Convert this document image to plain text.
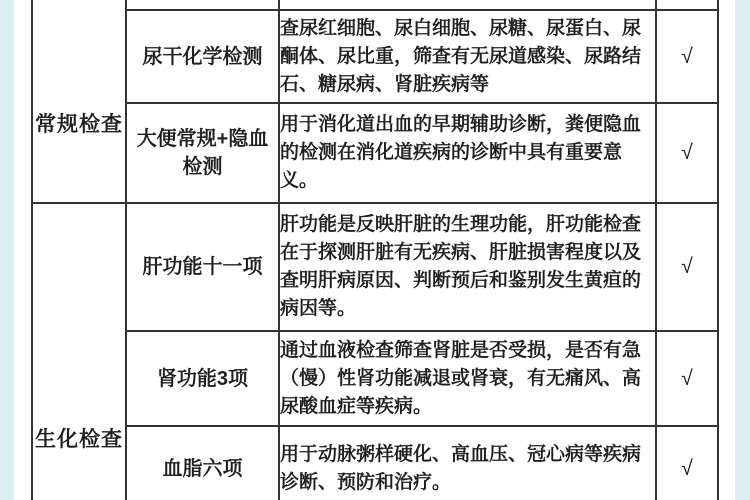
常规检查			

	尿干化学检测	查尿红细胞、尿白细胞、尿糖、尿蛋白、尿酮体、尿比重，筛查有无尿道感染、尿路结石、糖尿病、肾脏疾病等	√
	大便常规+隐血检测	用于消化道出血的早期辅助诊断，粪便隐血的检测在消化道疾病的诊断中具有重要意义。	√

生化检查	肝功能十一项	肝功能是反映肝脏的生理功能，肝功能检查在于探测肝脏有无疾病、肝脏损害程度以及查明肝病原因、判断预后和鉴别发生黄疸的病因等。	√
	肾功能3项	通过血液检查筛查肾脏是否受损，是否有急（慢）性肾功能减退或肾衰，有无痛风、高尿酸血症等疾病。	√
	血脂六项	用于动脉粥样硬化、高血压、冠心病等疾病诊断、预防和治疗。	√
